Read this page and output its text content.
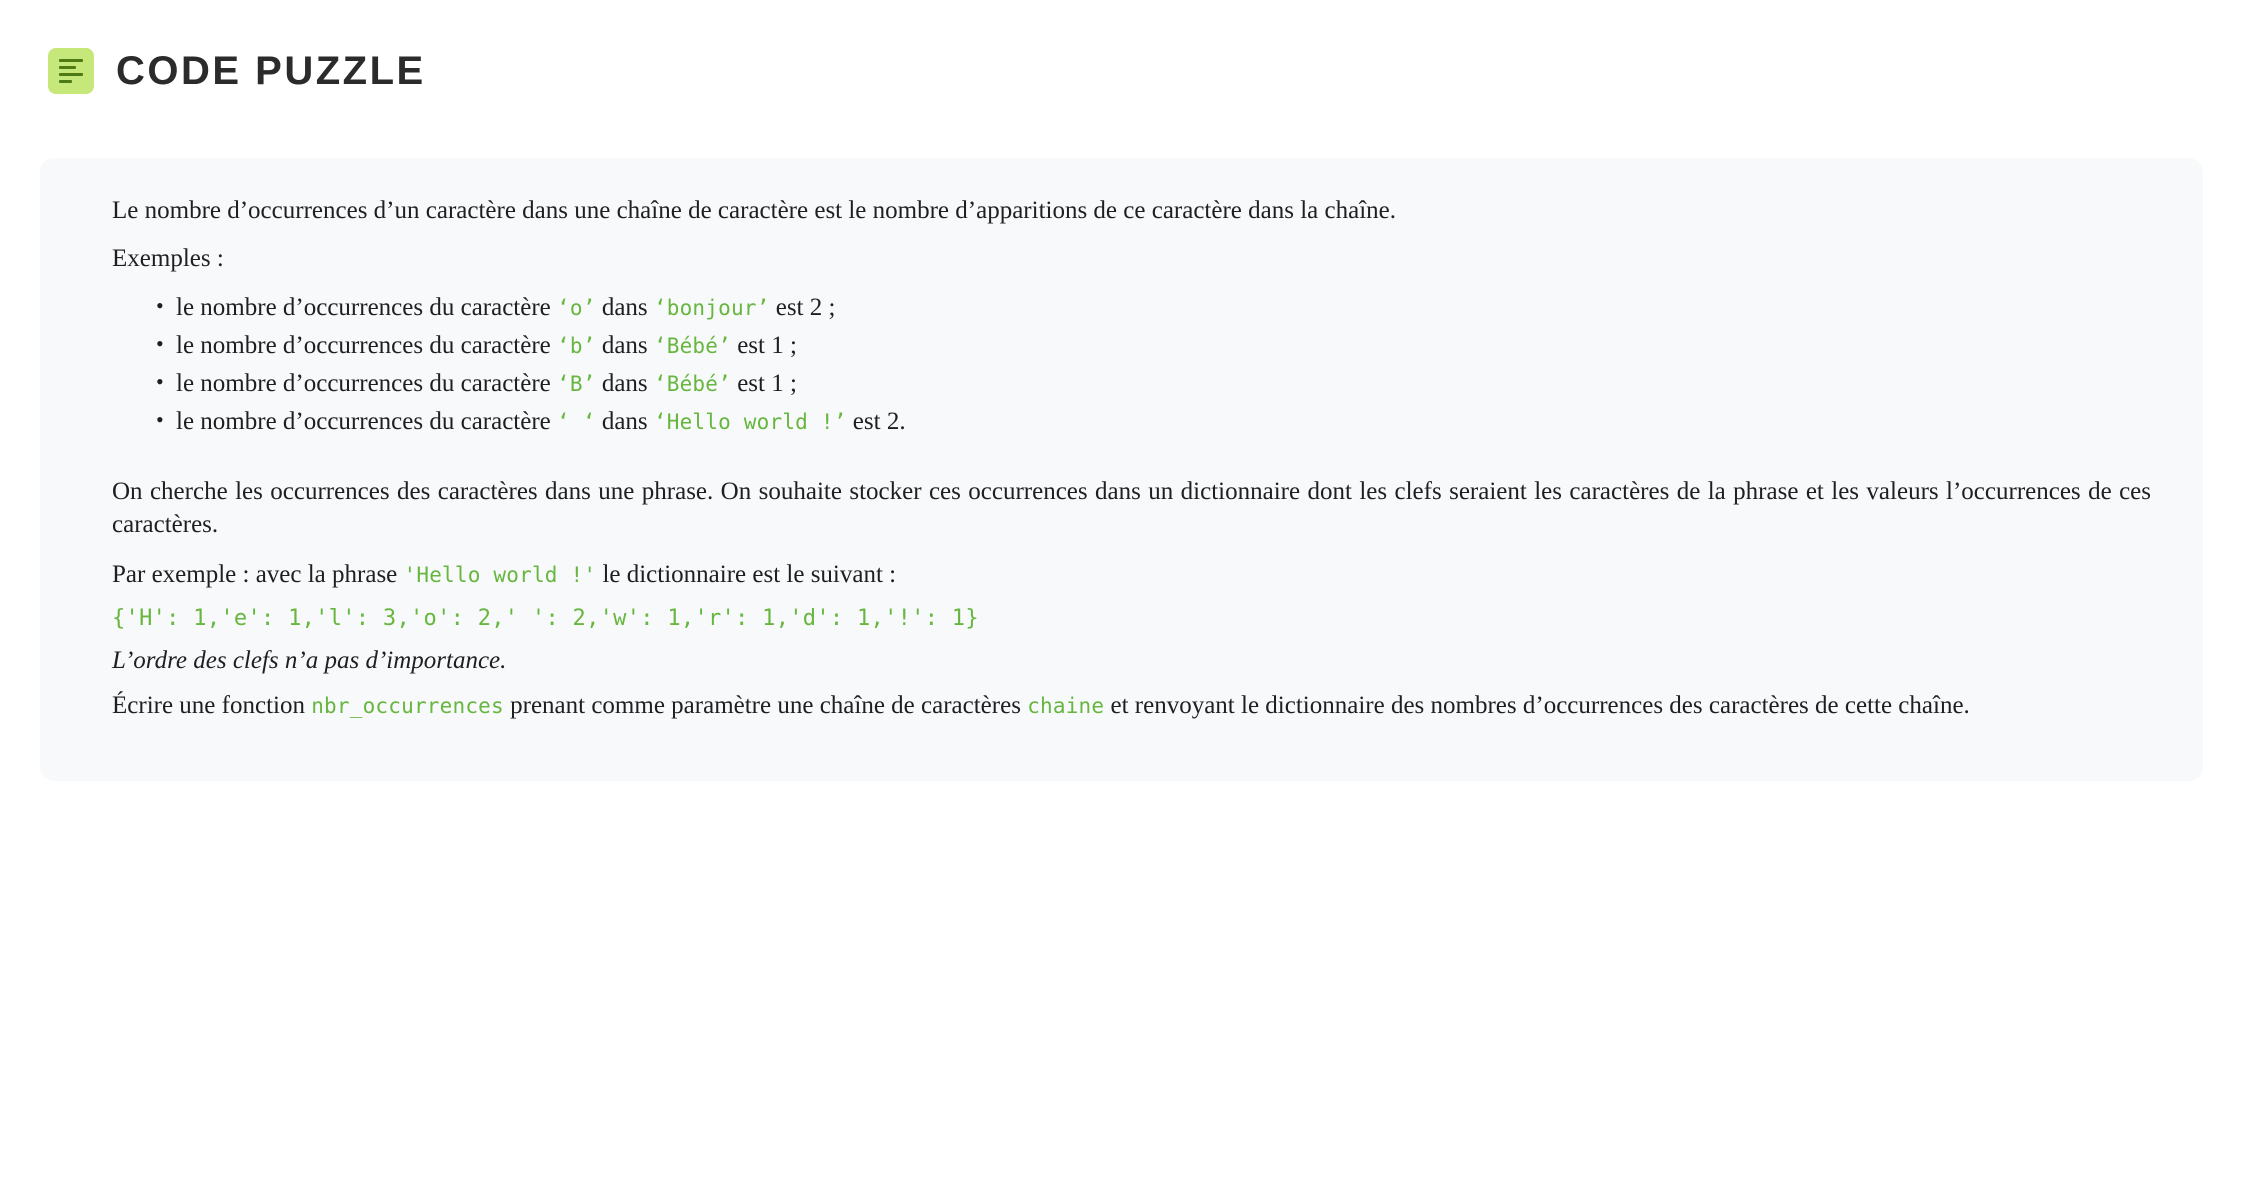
CODE PUZZLE

Le nombre d’occurrences d’un caractère dans une chaîne de caractère est le nombre d’apparitions de ce caractère dans la chaîne.

Exemples :

• le nombre d’occurrences du caractère ‘o’ dans ‘bonjour’ est 2 ;
• le nombre d’occurrences du caractère ‘b’ dans ‘Bébé’ est 1 ;
• le nombre d’occurrences du caractère ‘B’ dans ‘Bébé’ est 1 ;
• le nombre d’occurrences du caractère ‘ ‘ dans ‘Hello world !’ est 2.

On cherche les occurrences des caractères dans une phrase. On souhaite stocker ces occurrences dans un dictionnaire dont les clefs seraient les caractères de la phrase et les valeurs l’occurrences de ces caractères.

Par exemple : avec la phrase 'Hello world !' le dictionnaire est le suivant :

{'H': 1,'e': 1,'l': 3,'o': 2,' ': 2,'w': 1,'r': 1,'d': 1,'!': 1}

L’ordre des clefs n’a pas d’importance.

Écrire une fonction nbr_occurrences prenant comme paramètre une chaîne de caractères chaine et renvoyant le dictionnaire des nombres d’occurrences des caractères de cette chaîne.
